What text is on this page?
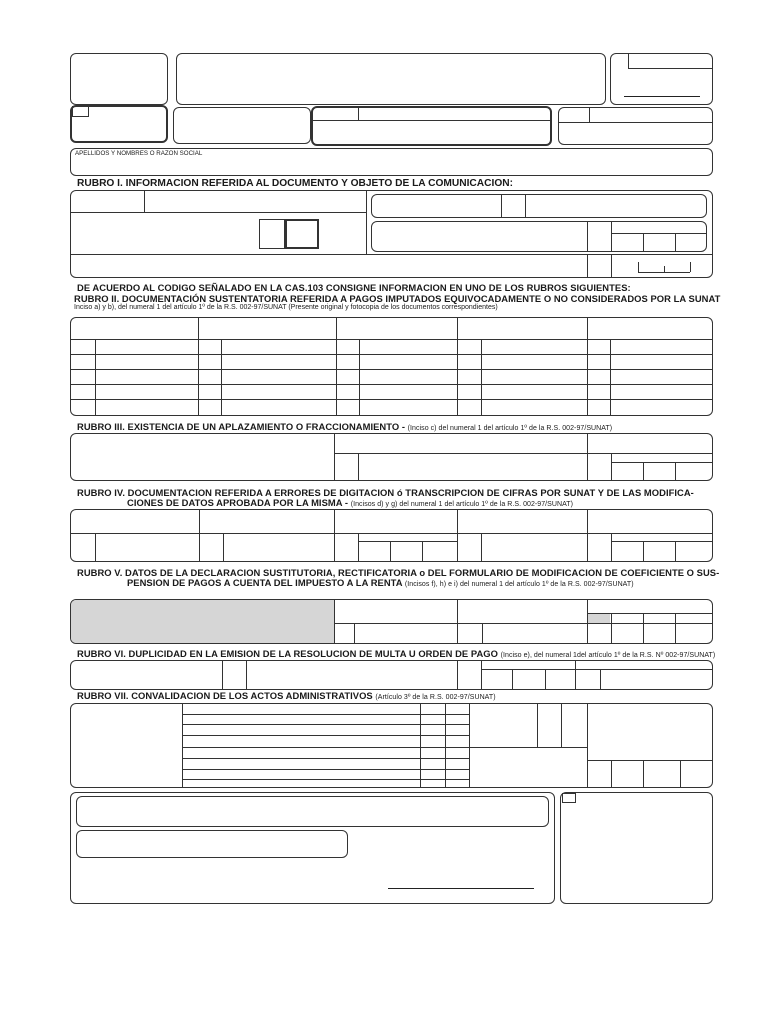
APELLIDOS Y NOMBRES O RAZON SOCIAL
RUBRO I. INFORMACION REFERIDA AL DOCUMENTO Y OBJETO DE LA COMUNICACION:
DE ACUERDO AL CODIGO SEÑALADO EN LA CAS.103 CONSIGNE INFORMACION EN UNO DE LOS RUBROS SIGUIENTES:
RUBRO II. DOCUMENTACIÓN SUSTENTATORIA REFERIDA A PAGOS IMPUTADOS EQUIVOCADAMENTE O NO CONSIDERADOS POR LA SUNAT
Inciso a) y b), del numeral 1 del artículo 1º de la R.S. 002-97/SUNAT (Presente original y fotocopia de los documentos correspondientes)
RUBRO III. EXISTENCIA DE UN APLAZAMIENTO O FRACCIONAMIENTO - (Inciso c) del numeral 1 del artículo 1º de la R.S. 002-97/SUNAT)
RUBRO IV. DOCUMENTACION REFERIDA A ERRORES DE DIGITACION ó TRANSCRIPCION DE CIFRAS POR SUNAT Y DE LAS MODIFICA-
CIONES DE DATOS APROBADA POR LA MISMA - (Incisos d) y g) del numeral 1 del artículo 1º de la R.S. 002-97/SUNAT)
RUBRO V. DATOS DE LA DECLARACION SUSTITUTORIA, RECTIFICATORIA o DEL FORMULARIO DE MODIFICACION DE COEFICIENTE O SUS-
PENSION DE PAGOS A CUENTA DEL IMPUESTO A LA RENTA (Incisos f), h) e i) del numeral 1 del artículo 1º de la R.S. 002-97/SUNAT)
RUBRO VI. DUPLICIDAD EN LA EMISION DE LA RESOLUCION DE MULTA U ORDEN DE PAGO (Inciso e), del numeral 1del artículo 1º de la R.S. Nº 002-97/SUNAT)
RUBRO VII. CONVALIDACION DE LOS ACTOS ADMINISTRATIVOS (Artículo 3º de la R.S. 002-97/SUNAT)
